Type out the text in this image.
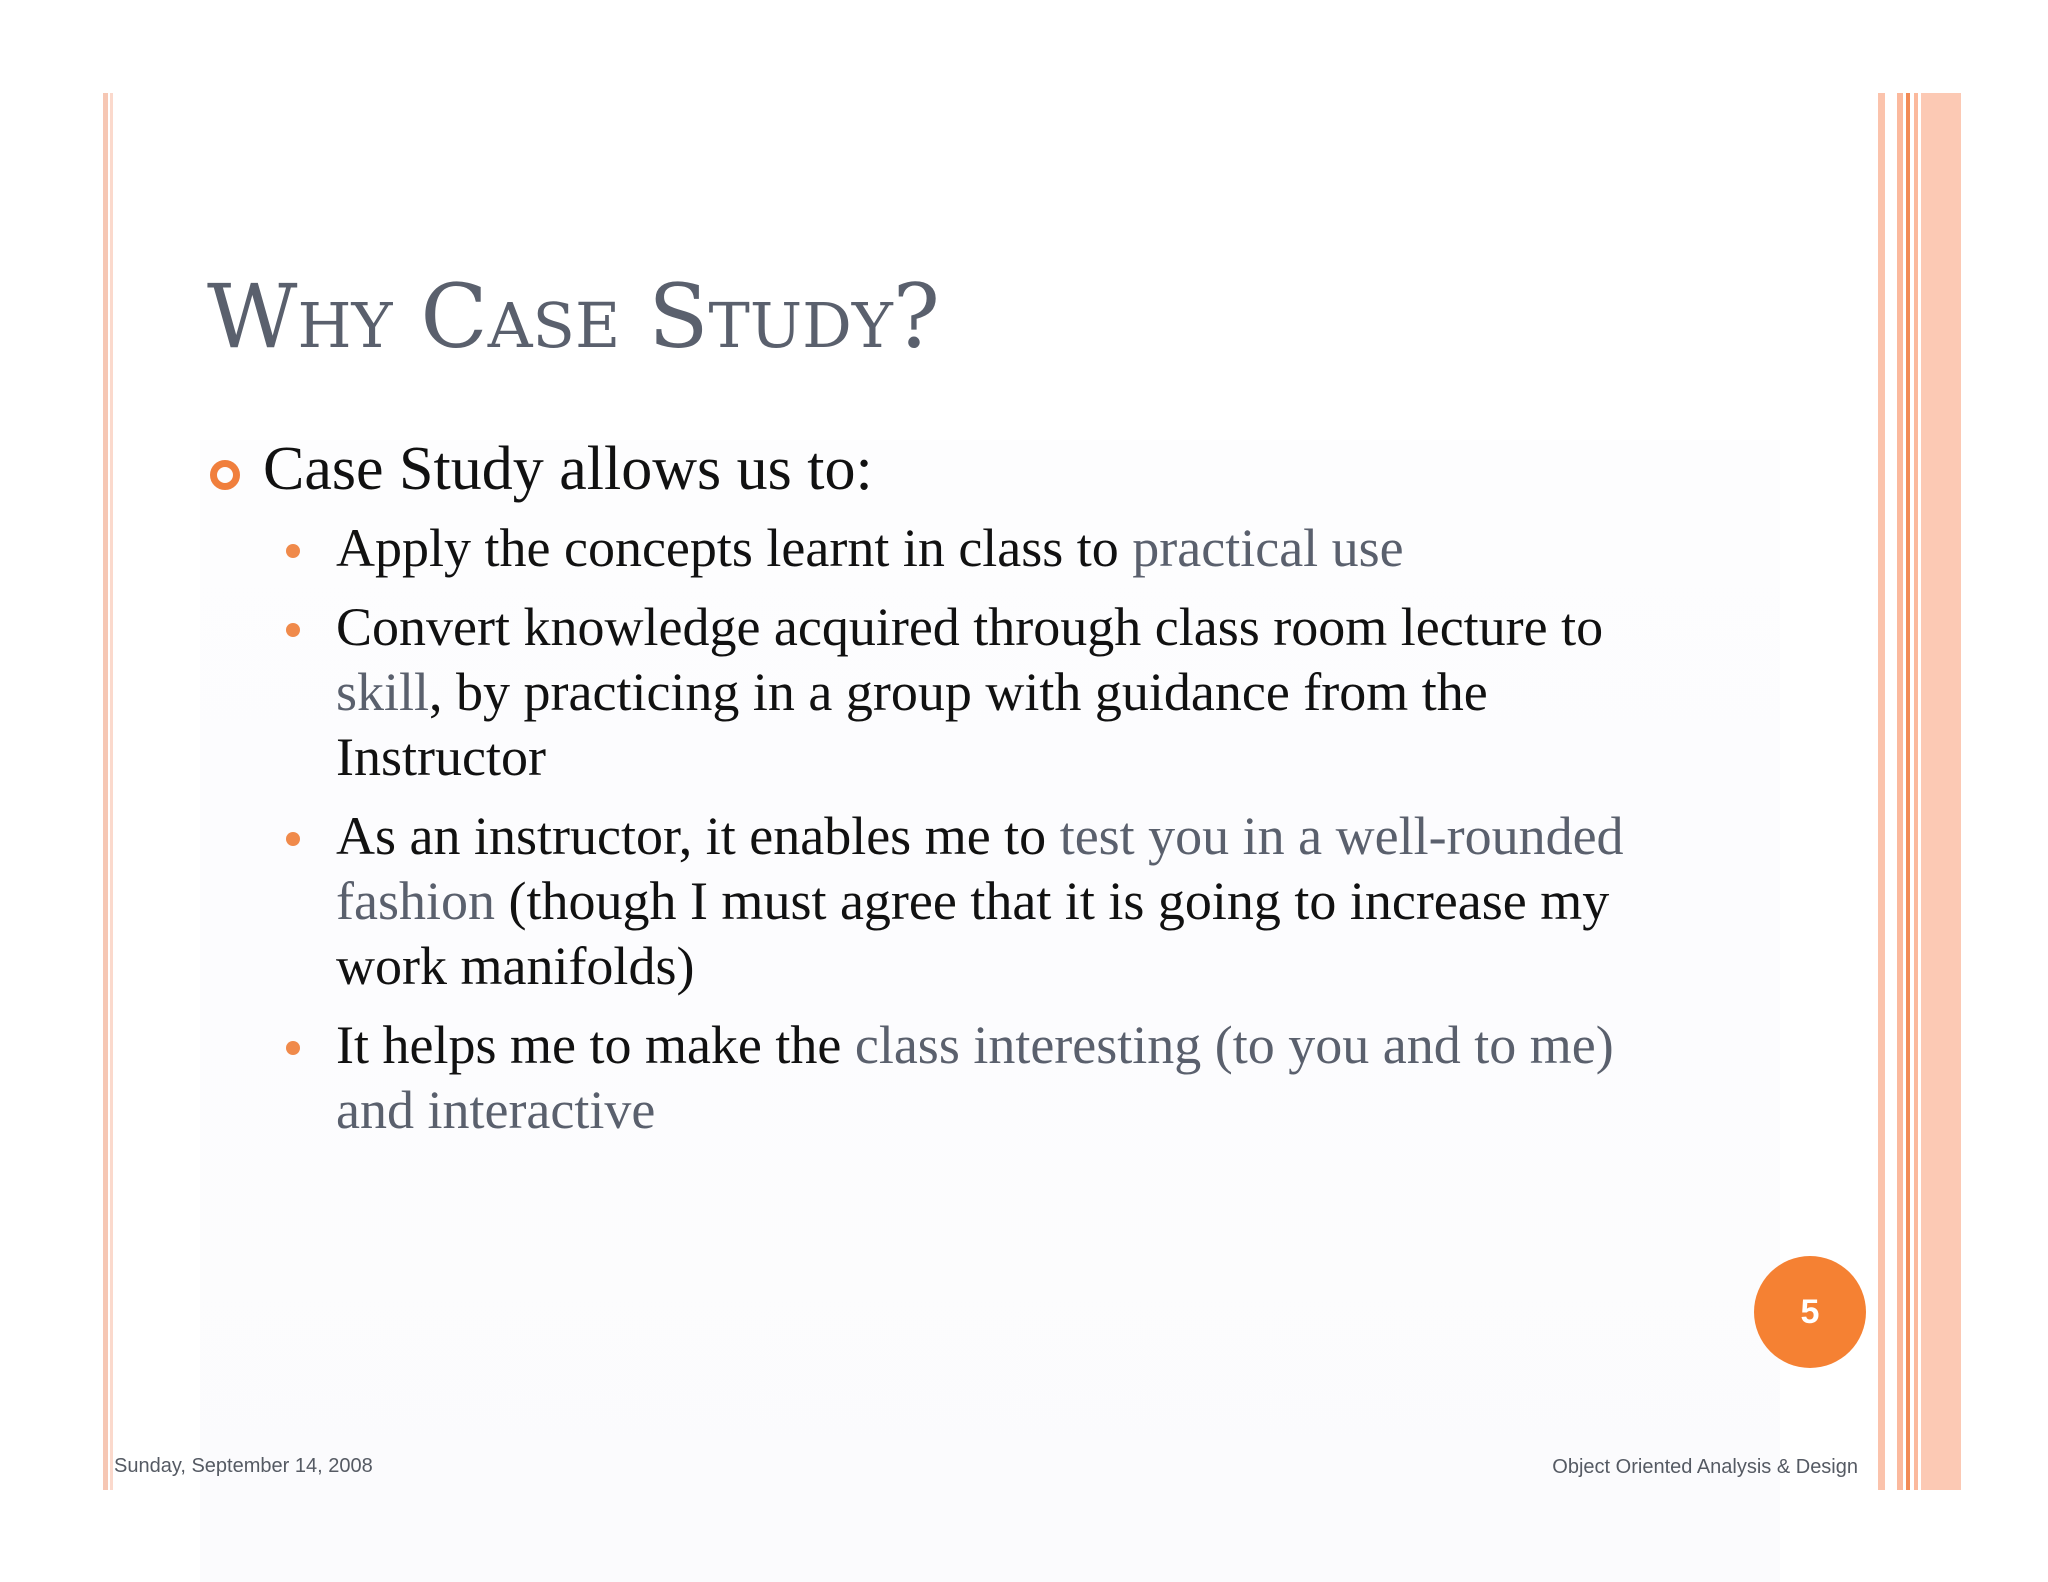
Why Case Study?
Case Study allows us to:
Apply the concepts learnt in class to practical use
Convert knowledge acquired through class room lecture to skill, by practicing in a group with guidance from the Instructor
As an instructor, it enables me to test you in a well-rounded fashion (though I must agree that it is going to increase my work manifolds)
It helps me to make the class interesting (to you and to me) and interactive
5
Sunday, September 14, 2008	Object Oriented Analysis & Design
